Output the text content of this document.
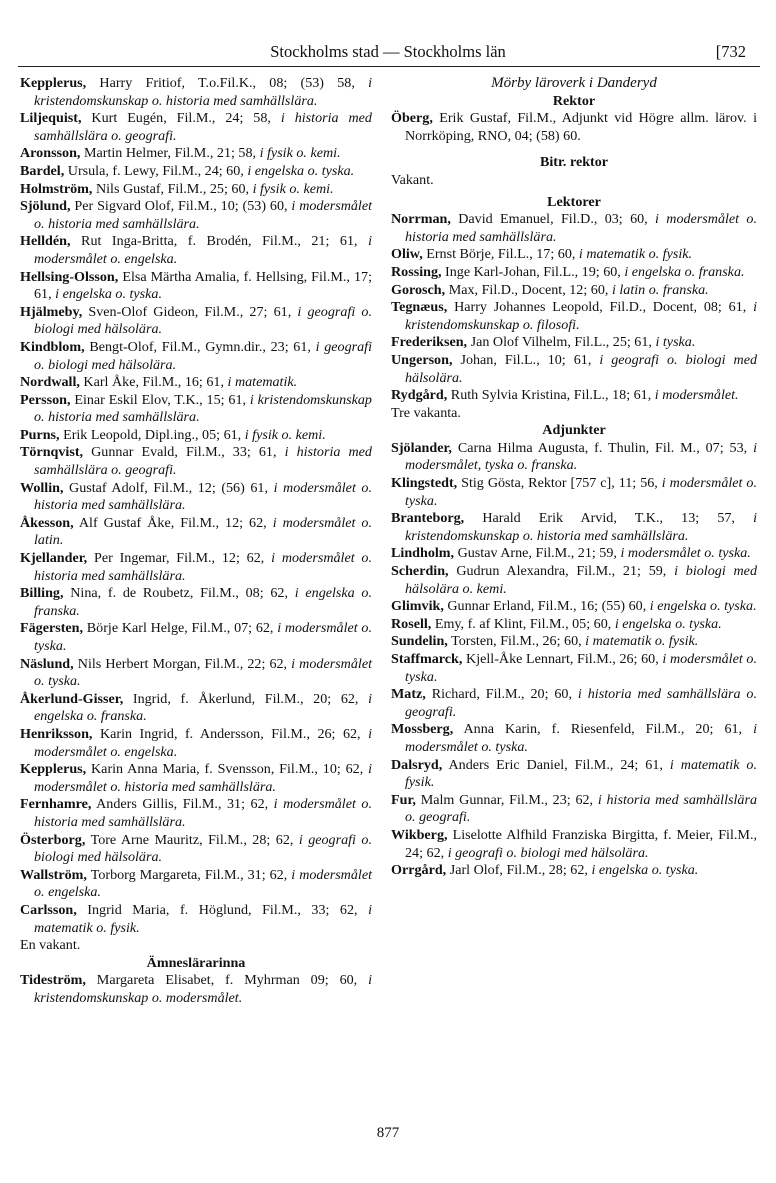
Stockholms stad — Stockholms län	[732
Kepplerus, Harry Fritiof, T.o.Fil.K., 08; (53) 58, i kristendomskunskap o. historia med samhällslära.
Liljequist, Kurt Eugén, Fil.M., 24; 58, i historia med samhällslära o. geografi.
Aronsson, Martin Helmer, Fil.M., 21; 58, i fysik o. kemi.
Bardel, Ursula, f. Lewy, Fil.M., 24; 60, i engelska o. tyska.
Holmström, Nils Gustaf, Fil.M., 25; 60, i fysik o. kemi.
Sjölund, Per Sigvard Olof, Fil.M., 10; (53) 60, i modersmålet o. historia med samhällslära.
Helldén, Rut Inga-Britta, f. Brodén, Fil.M., 21; 61, i modersmålet o. engelska.
Hellsing-Olsson, Elsa Märtha Amalia, f. Hellsing, Fil.M., 17; 61, i engelska o. tyska.
Hjälmeby, Sven-Olof Gideon, Fil.M., 27; 61, i geografi o. biologi med hälsolära.
Kindblom, Bengt-Olof, Fil.M., Gymn.dir., 23; 61, i geografi o. biologi med hälsolära.
Nordwall, Karl Åke, Fil.M., 16; 61, i matematik.
Persson, Einar Eskil Elov, T.K., 15; 61, i kristendomskunskap o. historia med samhällslära.
Purns, Erik Leopold, Dipl.ing., 05; 61, i fysik o. kemi.
Törnqvist, Gunnar Evald, Fil.M., 33; 61, i historia med samhällslära o. geografi.
Wollin, Gustaf Adolf, Fil.M., 12; (56) 61, i modersmålet o. historia med samhällslära.
Åkesson, Alf Gustaf Åke, Fil.M., 12; 62, i modersmålet o. latin.
Kjellander, Per Ingemar, Fil.M., 12; 62, i modersmålet o. historia med samhällslära.
Billing, Nina, f. de Roubetz, Fil.M., 08; 62, i engelska o. franska.
Fägersten, Börje Karl Helge, Fil.M., 07; 62, i modersmålet o. tyska.
Näslund, Nils Herbert Morgan, Fil.M., 22; 62, i modersmålet o. tyska.
Åkerlund-Gisser, Ingrid, f. Åkerlund, Fil.M., 20; 62, i engelska o. franska.
Henriksson, Karin Ingrid, f. Andersson, Fil.M., 26; 62, i modersmålet o. engelska.
Kepplerus, Karin Anna Maria, f. Svensson, Fil.M., 10; 62, i modersmålet o. historia med samhällslära.
Fernhamre, Anders Gillis, Fil.M., 31; 62, i modersmålet o. historia med samhällslära.
Österborg, Tore Arne Mauritz, Fil.M., 28; 62, i geografi o. biologi med hälsolära.
Wallström, Torborg Margareta, Fil.M., 31; 62, i modersmålet o. engelska.
Carlsson, Ingrid Maria, f. Höglund, Fil.M., 33; 62, i matematik o. fysik.
En vakant.
Ämneslärarinna
Tideström, Margareta Elisabet, f. Myhrman 09; 60, i kristendomskunskap o. modersmålet.
Mörby läroverk i Danderyd
Rektor
Öberg, Erik Gustaf, Fil.M., Adjunkt vid Högre allm. lärov. i Norrköping, RNO, 04; (58) 60.
Bitr. rektor
Vakant.
Lektorer
Norrman, David Emanuel, Fil.D., 03; 60, i modersmålet o. historia med samhällslära.
Oliw, Ernst Börje, Fil.L., 17; 60, i matematik o. fysik.
Rossing, Inge Karl-Johan, Fil.L., 19; 60, i engelska o. franska.
Gorosch, Max, Fil.D., Docent, 12; 60, i latin o. franska.
Tegnæus, Harry Johannes Leopold, Fil.D., Docent, 08; 61, i kristendomskunskap o. filosofi.
Frederiksen, Jan Olof Vilhelm, Fil.L., 25; 61, i tyska.
Ungerson, Johan, Fil.L., 10; 61, i geografi o. biologi med hälsolära.
Rydgård, Ruth Sylvia Kristina, Fil.L., 18; 61, i modersmålet.
Tre vakanta.
Adjunkter
Sjölander, Carna Hilma Augusta, f. Thulin, Fil. M., 07; 53, i modersmålet, tyska o. franska.
Klingstedt, Stig Gösta, Rektor [757 c], 11; 56, i modersmålet o. tyska.
Branteborg, Harald Erik Arvid, T.K., 13; 57, i kristendomskunskap o. historia med samhällslära.
Lindholm, Gustav Arne, Fil.M., 21; 59, i modersmålet o. tyska.
Scherdin, Gudrun Alexandra, Fil.M., 21; 59, i biologi med hälsolära o. kemi.
Glimvik, Gunnar Erland, Fil.M., 16; (55) 60, i engelska o. tyska.
Rosell, Emy, f. af Klint, Fil.M., 05; 60, i engelska o. tyska.
Sundelin, Torsten, Fil.M., 26; 60, i matematik o. fysik.
Staffmarck, Kjell-Åke Lennart, Fil.M., 26; 60, i modersmålet o. tyska.
Matz, Richard, Fil.M., 20; 60, i historia med samhällslära o. geografi.
Mossberg, Anna Karin, f. Riesenfeld, Fil.M., 20; 61, i modersmålet o. tyska.
Dalsryd, Anders Eric Daniel, Fil.M., 24; 61, i matematik o. fysik.
Fur, Malm Gunnar, Fil.M., 23; 62, i historia med samhällslära o. geografi.
Wikberg, Liselotte Alfhild Franziska Birgitta, f. Meier, Fil.M., 24; 62, i geografi o. biologi med hälsolära.
Orrgård, Jarl Olof, Fil.M., 28; 62, i engelska o. tyska.
877
